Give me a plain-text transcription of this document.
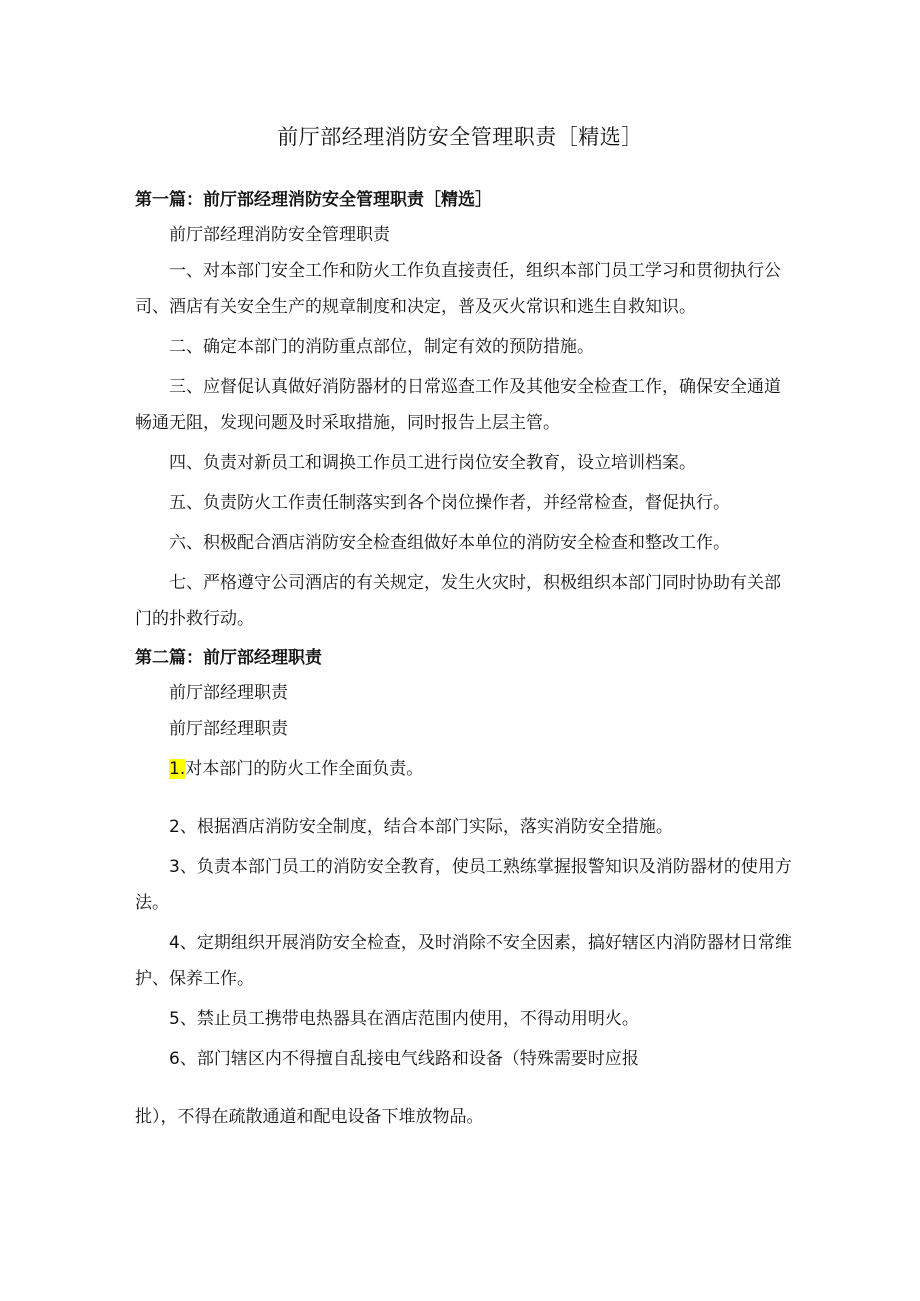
前厅部经理消防安全管理职责［精选］

第一篇：前厅部经理消防安全管理职责［精选］

前厅部经理消防安全管理职责

一、对本部门安全工作和防火工作负直接责任，组织本部门员工学习和贯彻执行公司、酒店有关安全生产的规章制度和决定，普及灭火常识和逃生自救知识。

二、确定本部门的消防重点部位，制定有效的预防措施。

三、应督促认真做好消防器材的日常巡查工作及其他安全检查工作，确保安全通道畅通无阻，发现问题及时采取措施，同时报告上层主管。

四、负责对新员工和调换工作员工进行岗位安全教育，设立培训档案。

五、负责防火工作责任制落实到各个岗位操作者，并经常检查，督促执行。

六、积极配合酒店消防安全检查组做好本单位的消防安全检查和整改工作。

七、严格遵守公司酒店的有关规定，发生火灾时，积极组织本部门同时协助有关部门的扑救行动。

第二篇：前厅部经理职责

前厅部经理职责

前厅部经理职责

1.对本部门的防火工作全面负责。

2、根据酒店消防安全制度，结合本部门实际，落实消防安全措施。

3、负责本部门员工的消防安全教育，使员工熟练掌握报警知识及消防器材的使用方法。

4、定期组织开展消防安全检查，及时消除不安全因素，搞好辖区内消防器材日常维护、保养工作。

5、禁止员工携带电热器具在酒店范围内使用，不得动用明火。

6、部门辖区内不得擅自乱接电气线路和设备（特殊需要时应报

批），不得在疏散通道和配电设备下堆放物品。
